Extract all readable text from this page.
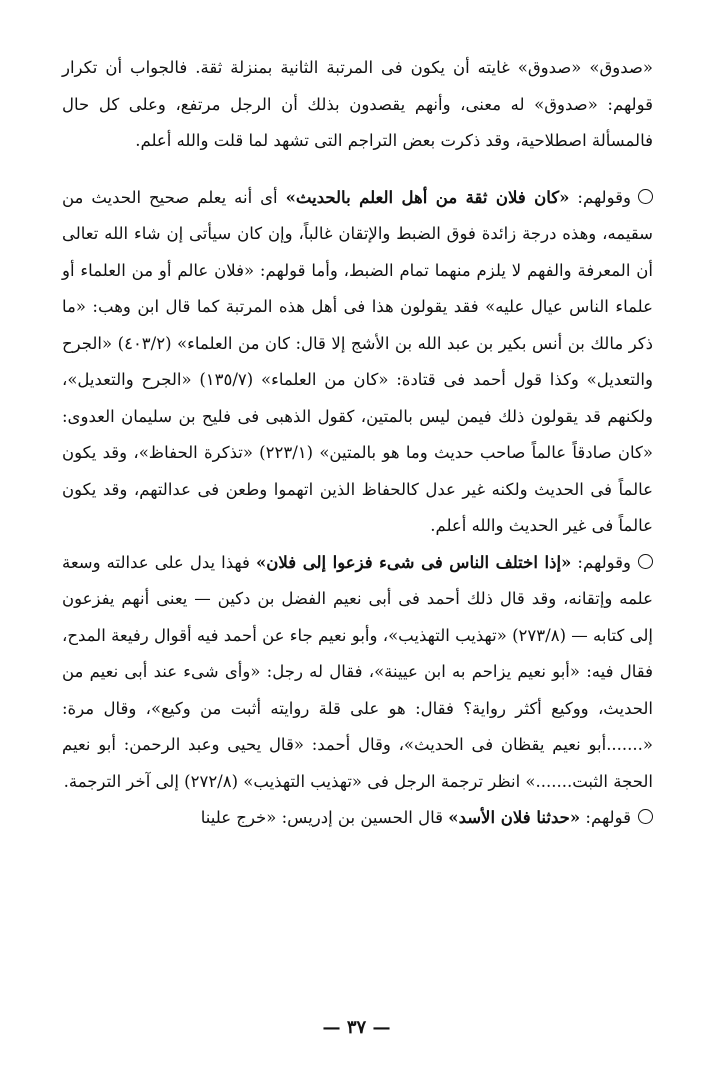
«صدوق» «صدوق» غايته أن يكون فى المرتبة الثانية بمنزلة ثقة. فالجواب أن تكرار قولهم: «صدوق» له معنى، وأنهم يقصدون بذلك أن الرجل مرتفع، وعلى كل حال فالمسألة اصطلاحية، وقد ذكرت بعض التراجم التى تشهد لما قلت والله أعلم.

وقولهم: «كان فلان ثقة من أهل العلم بالحديث» أى أنه يعلم صحيح الحديث من سقيمه، وهذه درجة زائدة فوق الضبط والإتقان غالباً، وإن كان سيأتى إن شاء الله تعالى أن المعرفة والفهم لا يلزم منهما تمام الضبط، وأما قولهم: «فلان عالم أو من العلماء أو علماء الناس عيال عليه» فقد يقولون هذا فى أهل هذه المرتبة كما قال ابن وهب: «ما ذكر مالك بن أنس بكير بن عبد الله بن الأشج إلا قال: كان من العلماء» (٤٠٣/٢) «الجرح والتعديل» وكذا قول أحمد فى قتادة: «كان من العلماء» (١٣٥/٧) «الجرح والتعديل»، ولكنهم قد يقولون ذلك فيمن ليس بالمتين، كقول الذهبى فى فليح بن سليمان العدوى: «كان صادقاً عالماً صاحب حديث وما هو بالمتين» (٢٢٣/١) «تذكرة الحفاظ»، وقد يكون عالماً فى الحديث ولكنه غير عدل كالحفاظ الذين اتهموا وطعن فى عدالتهم، وقد يكون عالماً فى غير الحديث والله أعلم.

وقولهم: «إذا اختلف الناس فى شىء فزعوا إلى فلان» فهذا يدل على عدالته وسعة علمه وإتقانه، وقد قال ذلك أحمد فى أبى نعيم الفضل بن دكين — يعنى أنهم يفزعون إلى كتابه — (٢٧٣/٨) «تهذيب التهذيب»، وأبو نعيم جاء عن أحمد فيه أقوال رفيعة المدح، فقال فيه: «أبو نعيم يزاحم به ابن عيينة»، فقال له رجل: «وأى شىء عند أبى نعيم من الحديث، ووكيع أكثر رواية؟ فقال: هو على قلة روايته أثبت من وكيع»، وقال مرة: «.......أبو نعيم يقظان فى الحديث»، وقال أحمد: «قال يحيى وعبد الرحمن: أبو نعيم الحجة الثبت.......» انظر ترجمة الرجل فى «تهذيب التهذيب» (٢٧٢/٨) إلى آخر الترجمة.

قولهم: «حدثنا فلان الأسد» قال الحسين بن إدريس: «خرج علينا

— ٣٧ —
